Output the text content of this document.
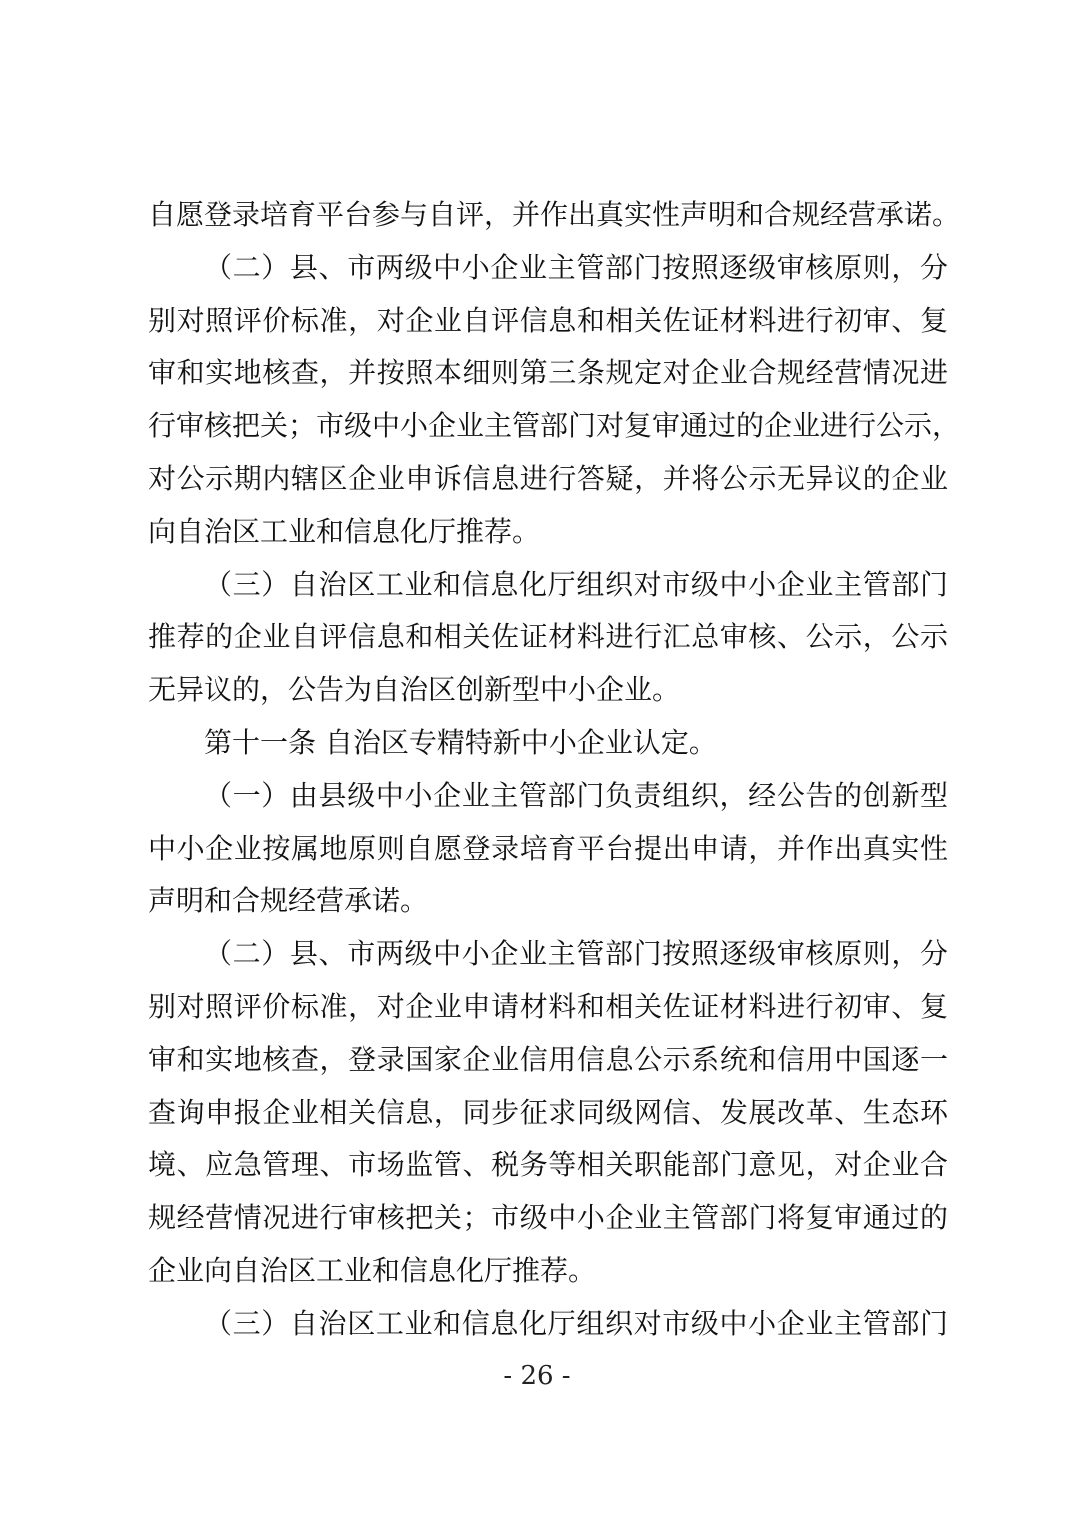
自愿登录培育平台参与自评，并作出真实性声明和合规经营承诺。
（二）县、市两级中小企业主管部门按照逐级审核原则，分
别对照评价标准，对企业自评信息和相关佐证材料进行初审、复
审和实地核查，并按照本细则第三条规定对企业合规经营情况进
行审核把关；市级中小企业主管部门对复审通过的企业进行公示，
对公示期内辖区企业申诉信息进行答疑，并将公示无异议的企业
向自治区工业和信息化厅推荐。
（三）自治区工业和信息化厅组织对市级中小企业主管部门
推荐的企业自评信息和相关佐证材料进行汇总审核、公示，公示
无异议的，公告为自治区创新型中小企业。
第十一条 自治区专精特新中小企业认定。
（一）由县级中小企业主管部门负责组织，经公告的创新型
中小企业按属地原则自愿登录培育平台提出申请，并作出真实性
声明和合规经营承诺。
（二）县、市两级中小企业主管部门按照逐级审核原则，分
别对照评价标准，对企业申请材料和相关佐证材料进行初审、复
审和实地核查，登录国家企业信用信息公示系统和信用中国逐一
查询申报企业相关信息，同步征求同级网信、发展改革、生态环
境、应急管理、市场监管、税务等相关职能部门意见，对企业合
规经营情况进行审核把关；市级中小企业主管部门将复审通过的
企业向自治区工业和信息化厅推荐。
（三）自治区工业和信息化厅组织对市级中小企业主管部门
- 26 -
